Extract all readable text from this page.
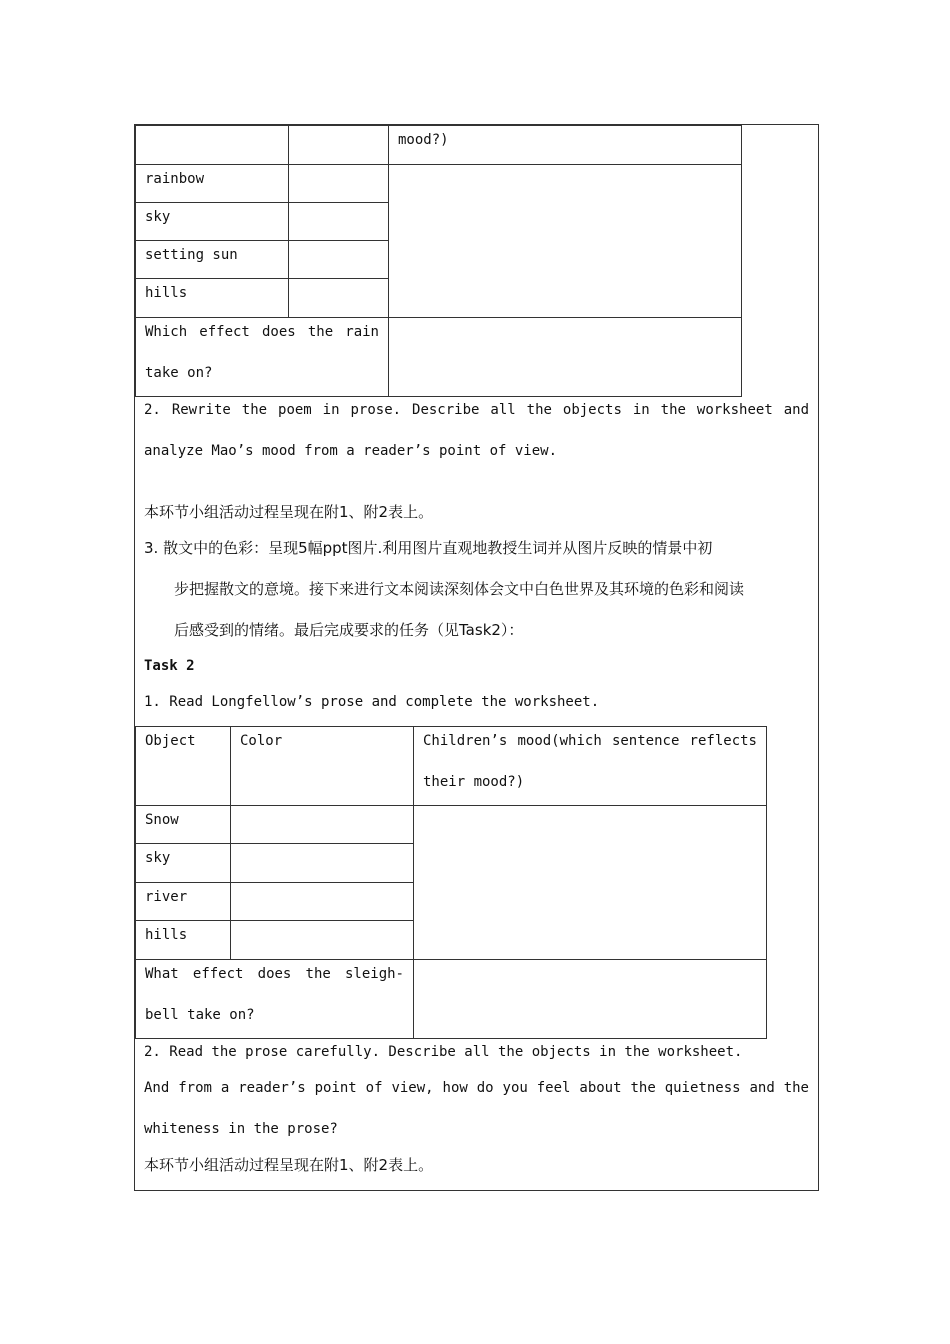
mood?)
rainbow
sky
setting sun
hills
Which effect does the rain
take on?
2. Rewrite the poem in prose. Describe all the objects in the worksheet and
analyze Mao’s mood from a reader’s point of view.
本环节小组活动过程呈现在附1、附2表上。
3. 散文中的色彩：呈现5幅ppt图片.利用图片直观地教授生词并从图片反映的情景中初
步把握散文的意境。接下来进行文本阅读深刻体会文中白色世界及其环境的色彩和阅读
后感受到的情绪。最后完成要求的任务（见Task2）：
Task 2
1. Read Longfellow’s prose and complete the worksheet.
Object	Color	Children’s mood(which sentence reflects
their mood?)
Snow
sky
river
hills
What effect does the sleigh-
bell take on?
2. Read the prose carefully. Describe all the objects in the worksheet.
And from a reader’s point of view, how do you feel about the quietness and the
whiteness in the prose?
本环节小组活动过程呈现在附1、附2表上。
